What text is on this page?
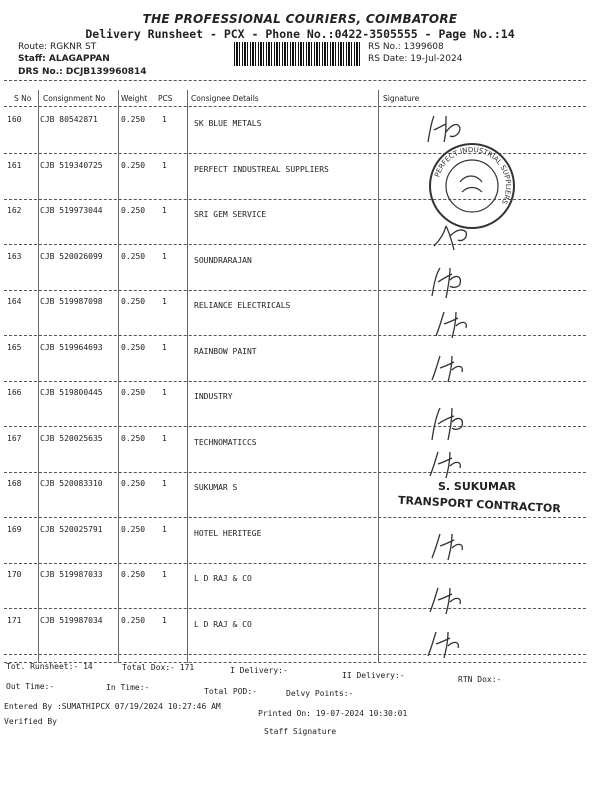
THE PROFESSIONAL COURIERS, COIMBATORE
Delivery Runsheet - PCX - Phone No.:0422-3505555 - Page No.:14
Route: RGKNR ST
Staff: ALAGAPPAN
DRS No.: DCJB139960814
RS No.: 1399608
RS Date: 19-Jul-2024
S No Consignment No Weight PCS Consignee Details	Signature
160 CJB 80542871	0.250 1	SK BLUE METALS
161 CJB 519340725 0.250 1	PERFECT INDUSTREAL SUPPLIERS
162 CJB 519973044 0.250 1	SRI GEM SERVICE
163 CJB 520026099 0.250 1	SOUNDRARAJAN
164 CJB 519987098 0.250 1	RELIANCE ELECTRICALS
165 CJB 519964693 0.250 1	RAINBOW PAINT
166 CJB 519800445 0.250 1	INDUSTRY
167 CJB 520025635 0.250 1	TECHNOMATICCS
168 CJB 520083310 0.250 1	SUKUMAR S
169 CJB 520025791 0.250 1	HOTEL HERITEGE
170 CJB 519987033 0.250 1	L D RAJ & CO
171 CJB 519987034 0.250 1	L D RAJ & CO
PERFECT INDUSTRIAL SUPPLIERS
S. SUKUMAR
TRANSPORT CONTRACTOR
Tot. Runsheet:- 14	Total Dox:- 171	I Delivery:-
II Delivery:-	RTN Dox:-
Out Time:-	In Time:-	Total POD:-	Delvy Points:-
Entered By :SUMATHIPCX 07/19/2024 10:27:46 AM
Printed On: 19-07-2024 10:30:01
Verified By
Staff Signature
